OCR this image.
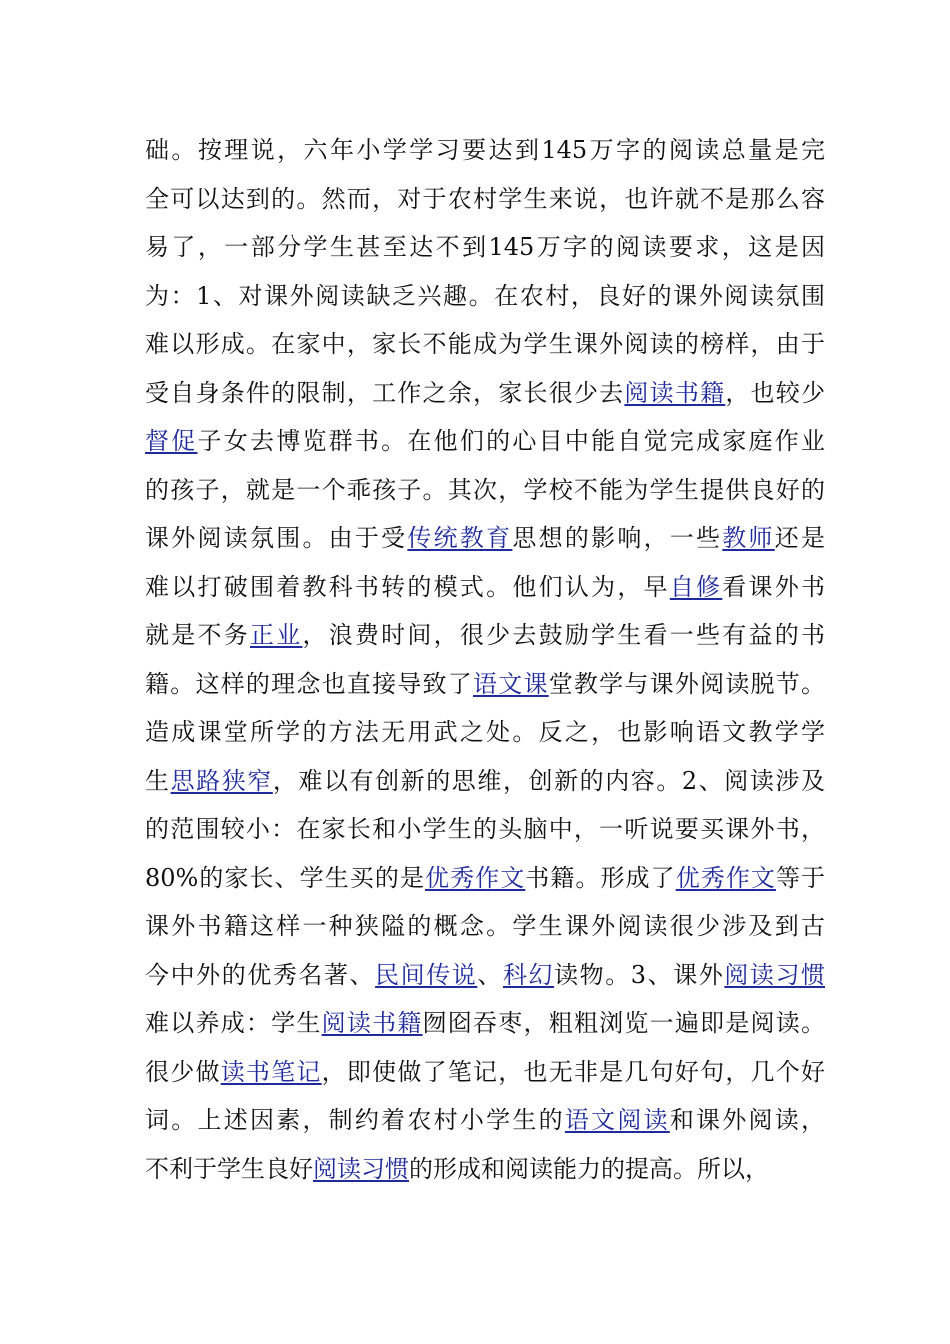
础。按理说，六年小学学习要达到145万字的阅读总量是完
全可以达到的。然而，对于农村学生来说，也许就不是那么容
易了，一部分学生甚至达不到145万字的阅读要求，这是因
为：1、对课外阅读缺乏兴趣。在农村，良好的课外阅读氛围
难以形成。在家中，家长不能成为学生课外阅读的榜样，由于
受自身条件的限制，工作之余，家长很少去阅读书籍，也较少
督促子女去博览群书。在他们的心目中能自觉完成家庭作业
的孩子，就是一个乖孩子。其次，学校不能为学生提供良好的
课外阅读氛围。由于受传统教育思想的影响，一些教师还是
难以打破围着教科书转的模式。他们认为，早自修看课外书
就是不务正业，浪费时间，很少去鼓励学生看一些有益的书
籍。这样的理念也直接导致了语文课堂教学与课外阅读脱节。
造成课堂所学的方法无用武之处。反之，也影响语文教学学
生思路狭窄，难以有创新的思维，创新的内容。2、阅读涉及
的范围较小：在家长和小学生的头脑中，一听说要买课外书，
80%的家长、学生买的是优秀作文书籍。形成了优秀作文等于
课外书籍这样一种狭隘的概念。学生课外阅读很少涉及到古
今中外的优秀名著、民间传说、科幻读物。3、课外阅读习惯
难以养成：学生阅读书籍囫囵吞枣，粗粗浏览一遍即是阅读。
很少做读书笔记，即使做了笔记，也无非是几句好句，几个好
词。上述因素，制约着农村小学生的语文阅读和课外阅读，
不利于学生良好阅读习惯的形成和阅读能力的提高。所以，
